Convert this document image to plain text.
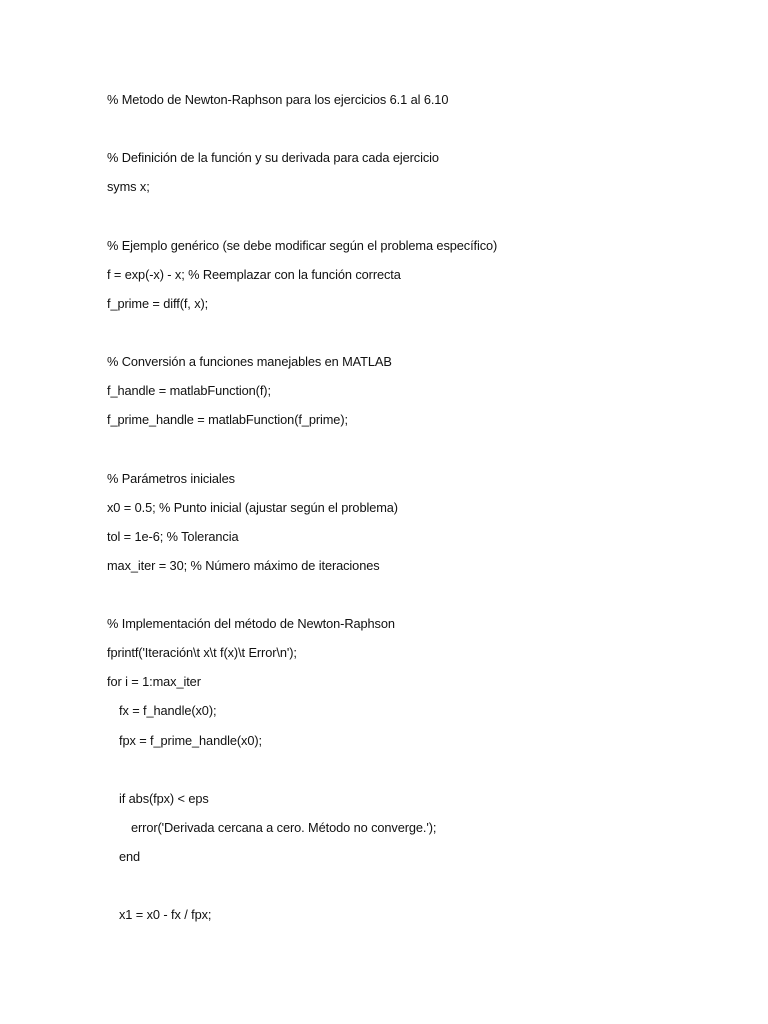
% Metodo de Newton-Raphson para los ejercicios 6.1 al 6.10
% Definición de la función y su derivada para cada ejercicio
syms x;
% Ejemplo genérico (se debe modificar según el problema específico)
f = exp(-x) - x; % Reemplazar con la función correcta
f_prime = diff(f, x);
% Conversión a funciones manejables en MATLAB
f_handle = matlabFunction(f);
f_prime_handle = matlabFunction(f_prime);
% Parámetros iniciales
x0 = 0.5; % Punto inicial (ajustar según el problema)
tol = 1e-6; % Tolerancia
max_iter = 30; % Número máximo de iteraciones
% Implementación del método de Newton-Raphson
fprintf('Iteración\t x\t f(x)\t Error\n');
for i = 1:max_iter
fx = f_handle(x0);
fpx = f_prime_handle(x0);
if abs(fpx) < eps
error('Derivada cercana a cero. Método no converge.');
end
x1 = x0 - fx / fpx;
